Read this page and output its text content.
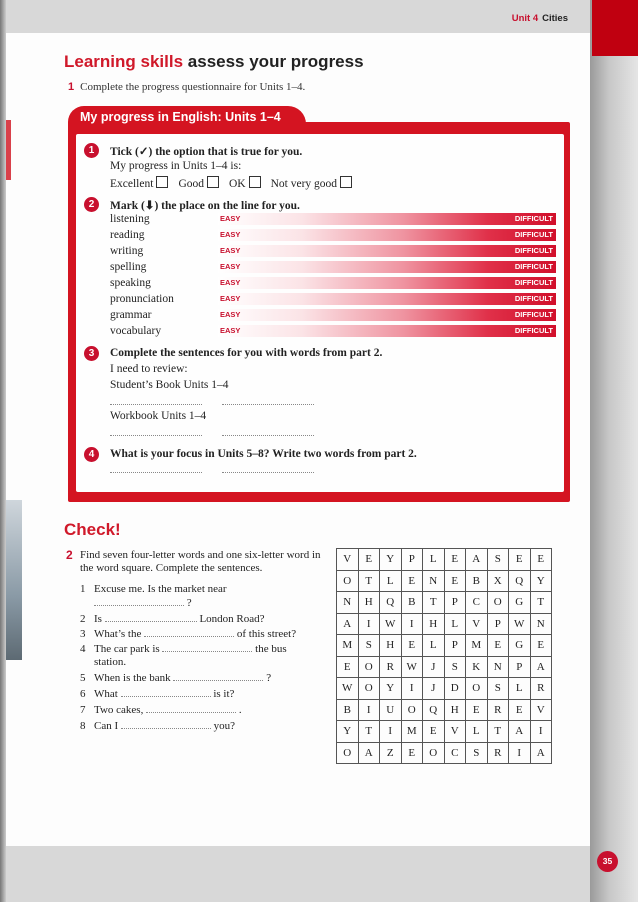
Unit 4 Cities
Learning skills assess your progress
1 Complete the progress questionnaire for Units 1–4.
My progress in English: Units 1–4
1	Tick (✓) the option that is true for you.
My progress in Units 1–4 is:
Excellent Good OK Not very good
2	Mark (⬇) the place on the line for you.
listening	EASY	DIFFICULT
reading	EASY	DIFFICULT
writing	EASY	DIFFICULT
spelling	EASY	DIFFICULT
speaking	EASY	DIFFICULT
pronunciation	EASY	DIFFICULT
grammar	EASY	DIFFICULT
vocabulary	EASY	DIFFICULT
3	Complete the sentences for you with words from part 2.
I need to review:
Student’s Book Units 1–4
Workbook Units 1–4
4	What is your focus in Units 5–8? Write two words from part 2.
Check!
2 Find seven four-letter words and one six-letter word in the word square. Complete the sentences.
1 Excuse me. Is the market near
?
2 Is	London Road?
3 What’s the	of this street?
4 The car park is	the bus
station.
5 When is the bank	?
6 What	is it?
7 Two cakes,	.
8 Can I	you?
V	E	Y	P	L	E	A	S	E	E
O	T	L	E	N	E	B	X	Q	Y
N	H	Q	B	T	P	C	O	G	T
A	I	W	I	H	L	V	P	W	N
M	S	H	E	L	P	M	E	G	E
E	O	R	W	J	S	K	N	P	A
W	O	Y	I	J	D	O	S	L	R
B	I	U	O	Q	H	E	R	E	V
Y	T	I	M	E	V	L	T	A	I
O	A	Z	E	O	C	S	R	I	A
35
